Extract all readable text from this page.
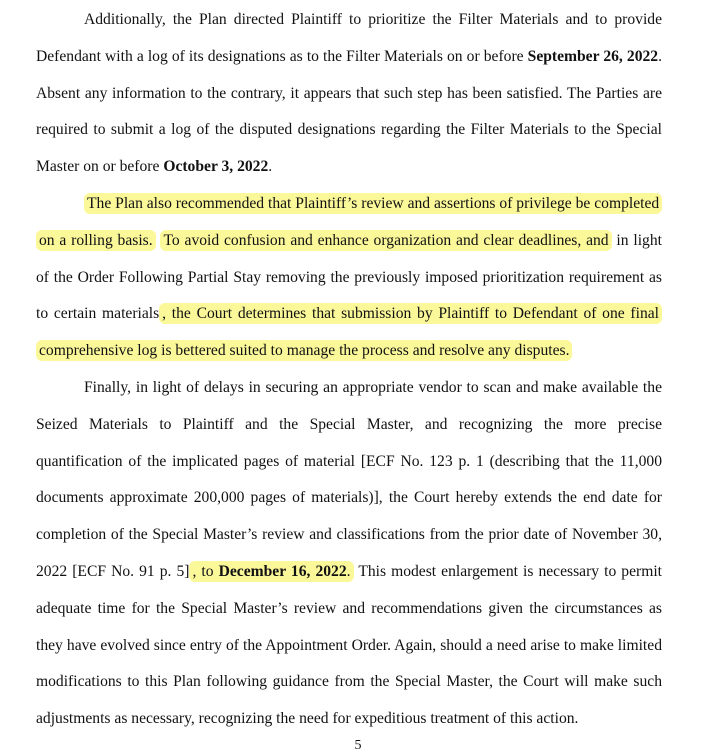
Additionally, the Plan directed Plaintiff to prioritize the Filter Materials and to provide Defendant with a log of its designations as to the Filter Materials on or before September 26, 2022. Absent any information to the contrary, it appears that such step has been satisfied. The Parties are required to submit a log of the disputed designations regarding the Filter Materials to the Special Master on or before October 3, 2022.

The Plan also recommended that Plaintiff’s review and assertions of privilege be completed on a rolling basis. To avoid confusion and enhance organization and clear deadlines, and in light of the Order Following Partial Stay removing the previously imposed prioritization requirement as to certain materials , the Court determines that submission by Plaintiff to Defendant of one final comprehensive log is bettered suited to manage the process and resolve any disputes.

Finally, in light of delays in securing an appropriate vendor to scan and make available the Seized Materials to Plaintiff and the Special Master, and recognizing the more precise quantification of the implicated pages of material [ECF No. 123 p. 1 (describing that the 11,000 documents approximate 200,000 pages of materials)], the Court hereby extends the end date for completion of the Special Master’s review and classifications from the prior date of November 30, 2022 [ECF No. 91 p. 5] , to December 16, 2022. This modest enlargement is necessary to permit adequate time for the Special Master’s review and recommendations given the circumstances as they have evolved since entry of the Appointment Order. Again, should a need arise to make limited modifications to this Plan following guidance from the Special Master, the Court will make such adjustments as necessary, recognizing the need for expeditious treatment of this action.

5
